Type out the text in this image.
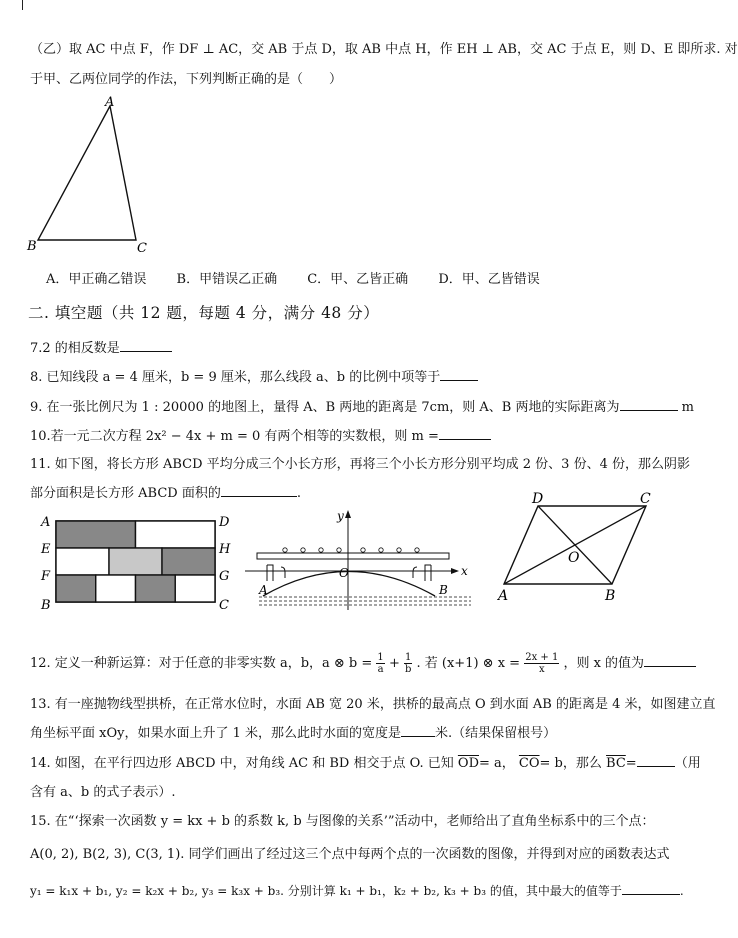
（乙）取 AC 中点 F，作 DF ⊥ AC，交 AB 于点 D，取 AB 中点 H，作 EH ⊥ AB，交 AC 于点 E，则 D、E 即所求. 对
于甲、乙两位同学的作法，下列判断正确的是（　　）
A
B	C
A．甲正确乙错误 B．甲错误乙正确 C．甲、乙皆正确 D．甲、乙皆错误
二. 填空题（共 12 题，每题 4 分，满分 48 分）
7.2 的相反数是
8. 已知线段 a = 4 厘米，b = 9 厘米，那么线段 a、b 的比例中项等于
9. 在一张比例尺为 1 : 20000 的地图上，量得 A、B 两地的距离是 7cm，则 A、B 两地的实际距离为	m
10.若一元二次方程 2x² − 4x + m = 0 有两个相等的实数根，则 m =
11. 如下图，将长方形 ABCD 平均分成三个小长方形，再将三个小长方形分别平均成 2 份、3 份、4 份，那么阴影
部分面积是长方形 ABCD 面积的	.
A
E
F
B
D
H
G
C
y
x
O
A	B
D	C
A	B
O
12. 定义一种新运算：对于任意的非零实数 a，b，a ⊗ $b = \frac{1}{a} + \frac{1}{b}$ . 若 (x+1) ⊗ $x = \frac{2x + 1}{x}$ ，则 x 的值为
13. 有一座抛物线型拱桥，在正常水位时，水面 AB 宽 20 米，拱桥的最高点 O 到水面 AB 的距离是 4 米，如图建立直
角坐标平面 xOy，如果水面上升了 1 米，那么此时水面的宽度是	米.（结果保留根号）
14. 如图，在平行四边形 ABCD 中，对角线 AC 和 BD 相交于点 O. 已知 $\overline{OD}= a$， $\overline{CO}= b$，那么 $\overline{BC}=$	（用
含有 a、b 的式子表示）.
15. 在“‘探索一次函数 y = kx + b 的系数 k, b 与图像的关系’”活动中，老师给出了直角坐标系中的三个点：
A(0, 2), B(2, 3), C(3, 1). 同学们画出了经过这三个点中每两个点的一次函数的图像，并得到对应的函数表达式
y₁ = k₁x + b₁, y₂ = k₂x + b₂, y₃ = k₃x + b₃. 分别计算 k₁ + b₁，k₂ + b₂, k₃ + b₃ 的值，其中最大的值等于	.
